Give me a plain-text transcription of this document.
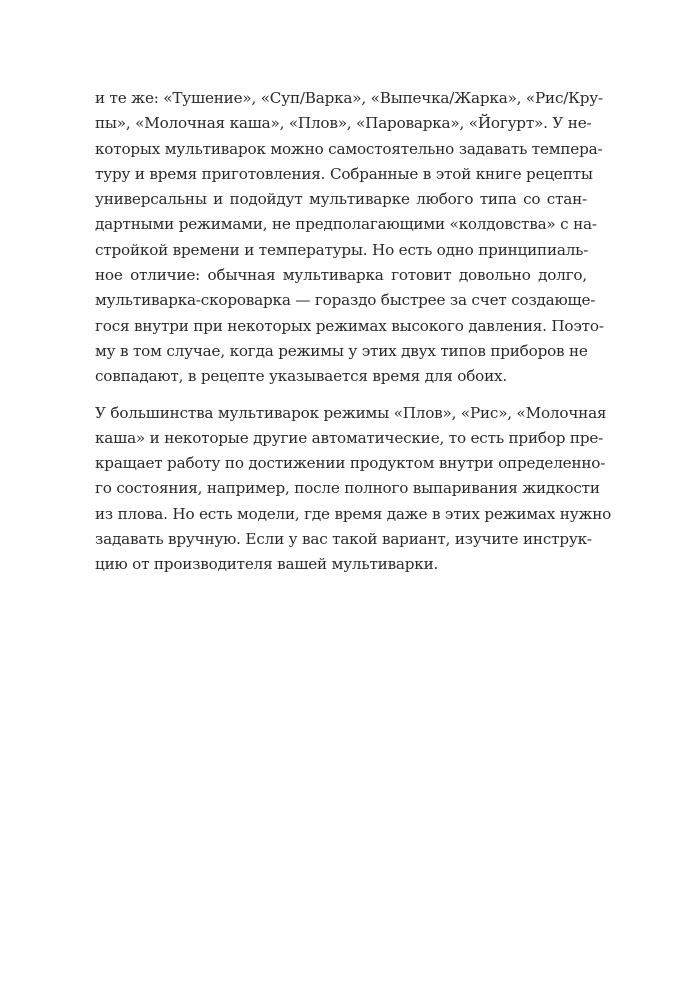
и те же: «Тушение», «Суп/Варка», «Выпечка/Жарка», «Рис/Кру-
пы», «Молочная каша», «Плов», «Пароварка», «Йогурт». У не-
которых мультиварок можно самостоятельно задавать темпера-
туру и время приготовления. Собранные в этой книге рецепты
универсальны и подойдут мультиварке любого типа со стан-
дартными режимами, не предполагающими «колдовства» с на-
стройкой времени и температуры. Но есть одно принципиаль-
ное отличие: обычная мультиварка готовит довольно долго,
мультиварка-скороварка — гораздо быстрее за счет создающе-
гося внутри при некоторых режимах высокого давления. Поэто-
му в том случае, когда режимы у этих двух типов приборов не
совпадают, в рецепте указывается время для обоих.
У большинства мультиварок режимы «Плов», «Рис», «Молочная
каша» и некоторые другие автоматические, то есть прибор пре-
кращает работу по достижении продуктом внутри определенно-
го состояния, например, после полного выпаривания жидкости
из плова. Но есть модели, где время даже в этих режимах нужно
задавать вручную. Если у вас такой вариант, изучите инструк-
цию от производителя вашей мультиварки.
